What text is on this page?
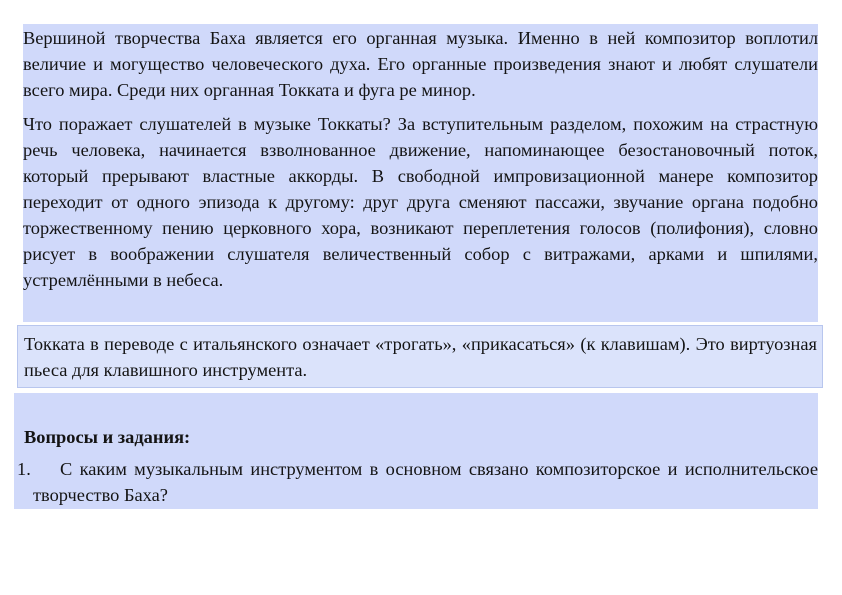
Вершиной творчества Баха является его органная музыка. Именно в ней композитор воплотил величие и могущество человеческого духа. Его органные произведения знают и любят слушатели всего мира. Среди них органная Токката и фуга ре минор.

Что поражает слушателей в музыке Токкаты? За вступительным разделом, похожим на страстную речь человека, начинается взволнованное движение, напоминающее безостановочный поток, который прерывают властные аккорды. В свободной импровизационной манере композитор переходит от одного эпизода к другому: друг друга сменяют пассажи, звучание органа подобно торжественному пению церковного хора, возникают переплетения голосов (полифония), словно рисует в воображении слушателя величественный собор с витражами, арками и шпилями, устремлёнными в небеса.

Токката в переводе с итальянского означает «трогать», «прикасаться» (к клавишам). Это виртуозная пьеса для клавишного инструмента.

Вопросы и задания:

1.	С каким музыкальным инструментом в основном связано композиторское и исполнительское творчество Баха?
